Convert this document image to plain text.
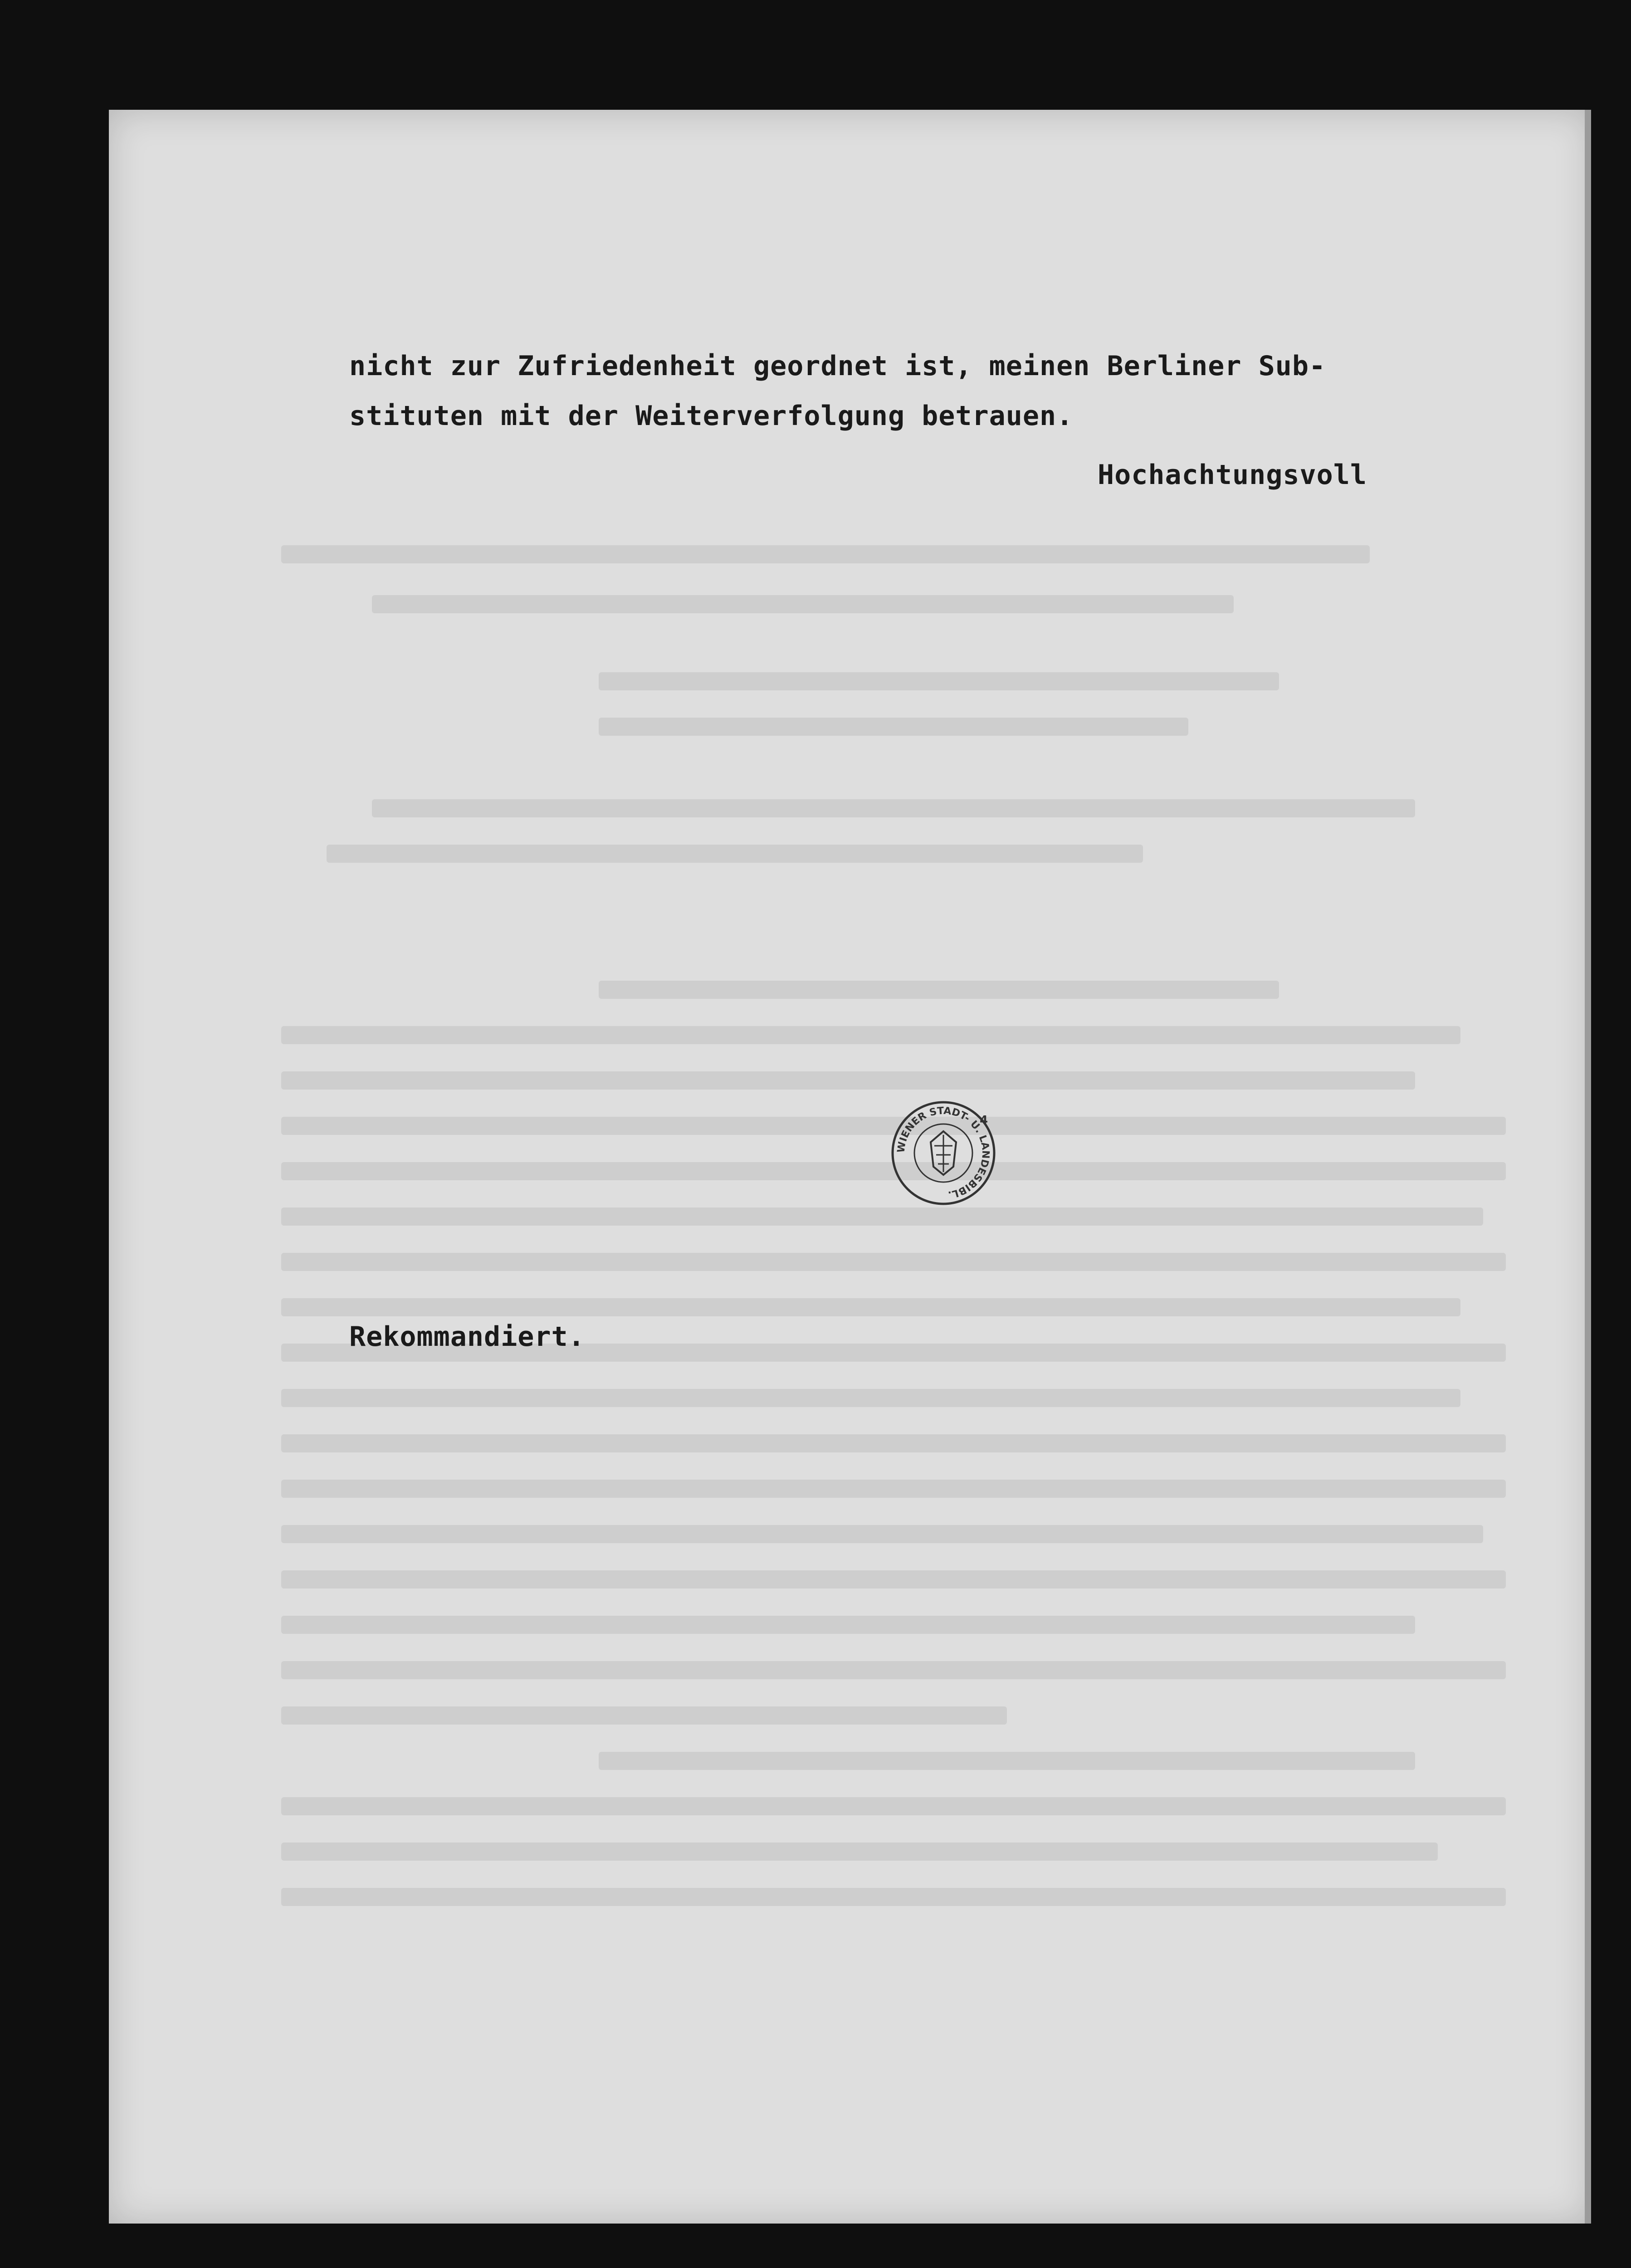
nicht zur Zufriedenheit geordnet ist, meinen Berliner Sub-

stituten mit der Weiterverfolgung betrauen.

Hochachtungsvoll

Rekommandiert.

WIENER STADT- U. LANDESBIBL.
4
